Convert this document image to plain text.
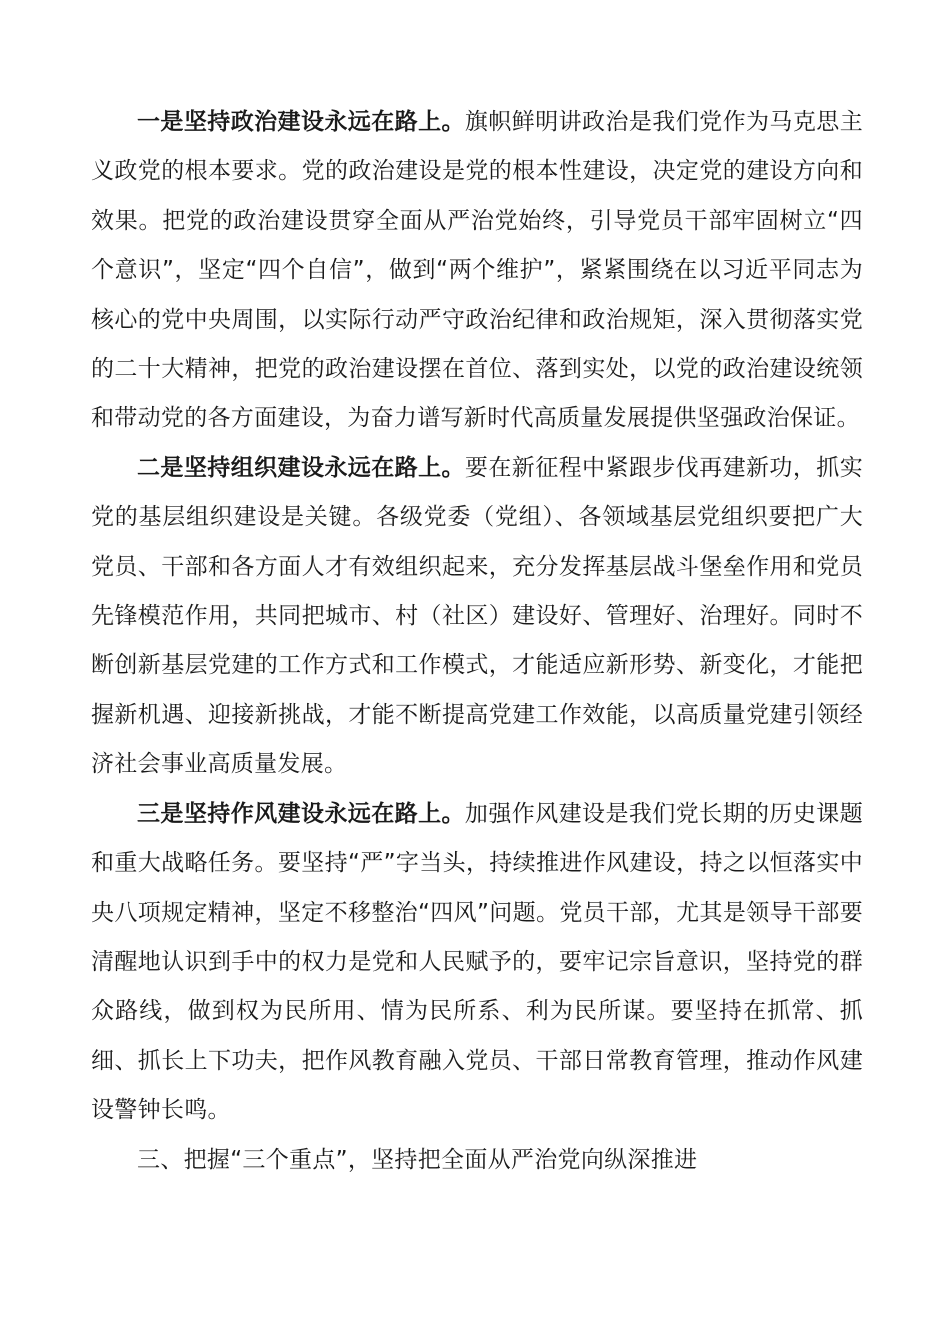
一是坚持政治建设永远在路上。旗帜鲜明讲政治是我们党作为马克思主义政党的根本要求。党的政治建设是党的根本性建设，决定党的建设方向和效果。把党的政治建设贯穿全面从严治党始终，引导党员干部牢固树立“四个意识”，坚定“四个自信”，做到“两个维护”，紧紧围绕在以习近平同志为核心的党中央周围，以实际行动严守政治纪律和政治规矩，深入贯彻落实党的二十大精神，把党的政治建设摆在首位、落到实处，以党的政治建设统领和带动党的各方面建设，为奋力谱写新时代高质量发展提供坚强政治保证。

二是坚持组织建设永远在路上。要在新征程中紧跟步伐再建新功，抓实党的基层组织建设是关键。各级党委（党组）、各领域基层党组织要把广大党员、干部和各方面人才有效组织起来，充分发挥基层战斗堡垒作用和党员先锋模范作用，共同把城市、村（社区）建设好、管理好、治理好。同时不断创新基层党建的工作方式和工作模式，才能适应新形势、新变化，才能把握新机遇、迎接新挑战，才能不断提高党建工作效能，以高质量党建引领经济社会事业高质量发展。

三是坚持作风建设永远在路上。加强作风建设是我们党长期的历史课题和重大战略任务。要坚持“严”字当头，持续推进作风建设，持之以恒落实中央八项规定精神，坚定不移整治“四风”问题。党员干部，尤其是领导干部要清醒地认识到手中的权力是党和人民赋予的，要牢记宗旨意识，坚持党的群众路线，做到权为民所用、情为民所系、利为民所谋。要坚持在抓常、抓细、抓长上下功夫，把作风教育融入党员、干部日常教育管理，推动作风建设警钟长鸣。

三、把握“三个重点”，坚持把全面从严治党向纵深推进
